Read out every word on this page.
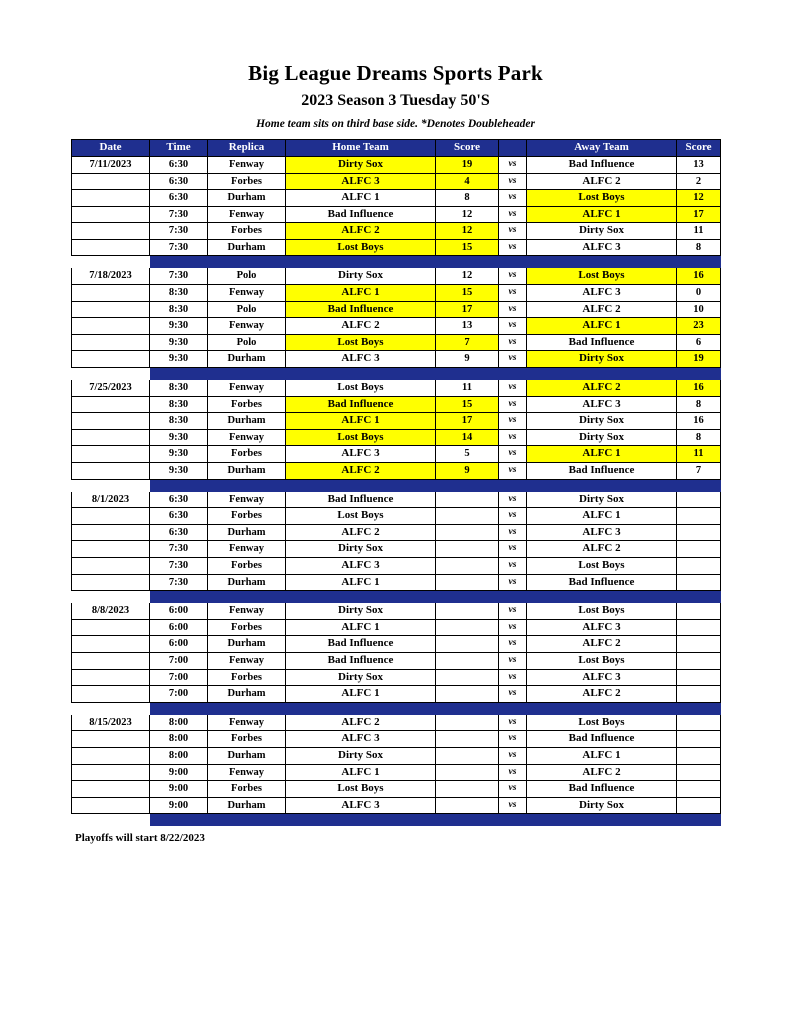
Big League Dreams Sports Park
2023 Season 3 Tuesday 50'S
Home team sits on third base side. *Denotes Doubleheader
Date	Time	Replica	Home Team	Score		Away Team	Score
7/11/2023	6:30	Fenway	Dirty Sox	19	vs	Bad Influence	13
	6:30	Forbes	ALFC 3	4	vs	ALFC 2	2
	6:30	Durham	ALFC 1	8	vs	Lost Boys	12
	7:30	Fenway	Bad Influence	12	vs	ALFC 1	17
	7:30	Forbes	ALFC 2	12	vs	Dirty Sox	11
	7:30	Durham	Lost Boys	15	vs	ALFC 3	8

7/18/2023	7:30	Polo	Dirty Sox	12	vs	Lost Boys	16
	8:30	Fenway	ALFC 1	15	vs	ALFC 3	0
	8:30	Polo	Bad Influence	17	vs	ALFC 2	10
	9:30	Fenway	ALFC 2	13	vs	ALFC 1	23
	9:30	Polo	Lost Boys	7	vs	Bad Influence	6
	9:30	Durham	ALFC 3	9	vs	Dirty Sox	19

7/25/2023	8:30	Fenway	Lost Boys	11	vs	ALFC 2	16
	8:30	Forbes	Bad Influence	15	vs	ALFC 3	8
	8:30	Durham	ALFC 1	17	vs	Dirty Sox	16
	9:30	Fenway	Lost Boys	14	vs	Dirty Sox	8
	9:30	Forbes	ALFC 3	5	vs	ALFC 1	11
	9:30	Durham	ALFC 2	9	vs	Bad Influence	7

8/1/2023	6:30	Fenway	Bad Influence		vs	Dirty Sox	
	6:30	Forbes	Lost Boys		vs	ALFC 1	
	6:30	Durham	ALFC 2		vs	ALFC 3	
	7:30	Fenway	Dirty Sox		vs	ALFC 2	
	7:30	Forbes	ALFC 3		vs	Lost Boys	
	7:30	Durham	ALFC 1		vs	Bad Influence	

8/8/2023	6:00	Fenway	Dirty Sox		vs	Lost Boys	
	6:00	Forbes	ALFC 1		vs	ALFC 3	
	6:00	Durham	Bad Influence		vs	ALFC 2	
	7:00	Fenway	Bad Influence		vs	Lost Boys	
	7:00	Forbes	Dirty Sox		vs	ALFC 3	
	7:00	Durham	ALFC 1		vs	ALFC 2	

8/15/2023	8:00	Fenway	ALFC 2		vs	Lost Boys	
	8:00	Forbes	ALFC 3		vs	Bad Influence	
	8:00	Durham	Dirty Sox		vs	ALFC 1	
	9:00	Fenway	ALFC 1		vs	ALFC 2	
	9:00	Forbes	Lost Boys		vs	Bad Influence	
	9:00	Durham	ALFC 3		vs	Dirty Sox	

Playoffs will start 8/22/2023
